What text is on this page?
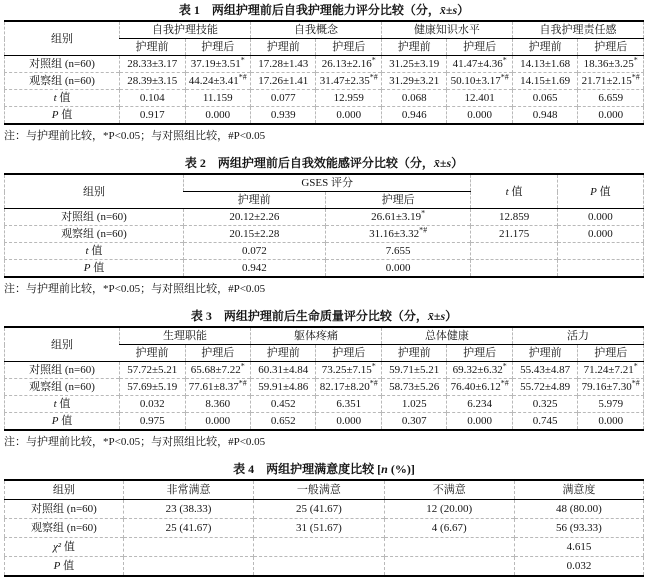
表 1　两组护理前后自我护理能力评分比较（分，x̄±s）
组别	自我护理技能		自我概念		健康知识水平		自我护理责任感	
	护理前	护理后	护理前	护理后	护理前	护理后	护理前	护理后
对照组 (n=60)	28.33±3.17	37.19±3.51*	17.28±1.43	26.13±2.16*	31.25±3.19	41.47±4.36*	14.13±1.68	18.36±3.25*
观察组 (n=60)	28.39±3.15	44.24±3.41*#	17.26±1.41	31.47±2.35*#	31.29±3.21	50.10±3.17*#	14.15±1.69	21.71±2.15*#
t 值	0.104	11.159	0.077	12.959	0.068	12.401	0.065	6.659
P 值	0.917	0.000	0.939	0.000	0.946	0.000	0.948	0.000

注：与护理前比较，*P<0.05；与对照组比较，#P<0.05

表 2　两组护理前后自我效能感评分比较（分，x̄±s）
组别	GSES 评分		t 值	P 值
	护理前	护理后		
对照组 (n=60)	20.12±2.26	26.61±3.19*	12.859	0.000
观察组 (n=60)	20.15±2.28	31.16±3.32*#	21.175	0.000
t 值	0.072	7.655		
P 值	0.942	0.000		

注：与护理前比较，*P<0.05；与对照组比较，#P<0.05

表 3　两组护理前后生命质量评分比较（分，x̄±s）
组别	生理职能		躯体疼痛		总体健康		活力	
	护理前	护理后	护理前	护理后	护理前	护理后	护理前	护理后
对照组 (n=60)	57.72±5.21	65.68±7.22*	60.31±4.84	73.25±7.15*	59.71±5.21	69.32±6.32*	55.43±4.87	71.24±7.21*
观察组 (n=60)	57.69±5.19	77.61±8.37*#	59.91±4.86	82.17±8.20*#	58.73±5.26	76.40±6.12*#	55.72±4.89	79.16±7.30*#
t 值	0.032	8.360	0.452	6.351	1.025	6.234	0.325	5.979
P 值	0.975	0.000	0.652	0.000	0.307	0.000	0.745	0.000

注：与护理前比较，*P<0.05；与对照组比较，#P<0.05

表 4　两组护理满意度比较 [n (%)]
组别	非常满意	一般满意	不满意	满意度
对照组 (n=60)	23 (38.33)	25 (41.67)	12 (20.00)	48 (80.00)
观察组 (n=60)	25 (41.67)	31 (51.67)	4 (6.67)	56 (93.33)
χ² 值				4.615
P 值				0.032
